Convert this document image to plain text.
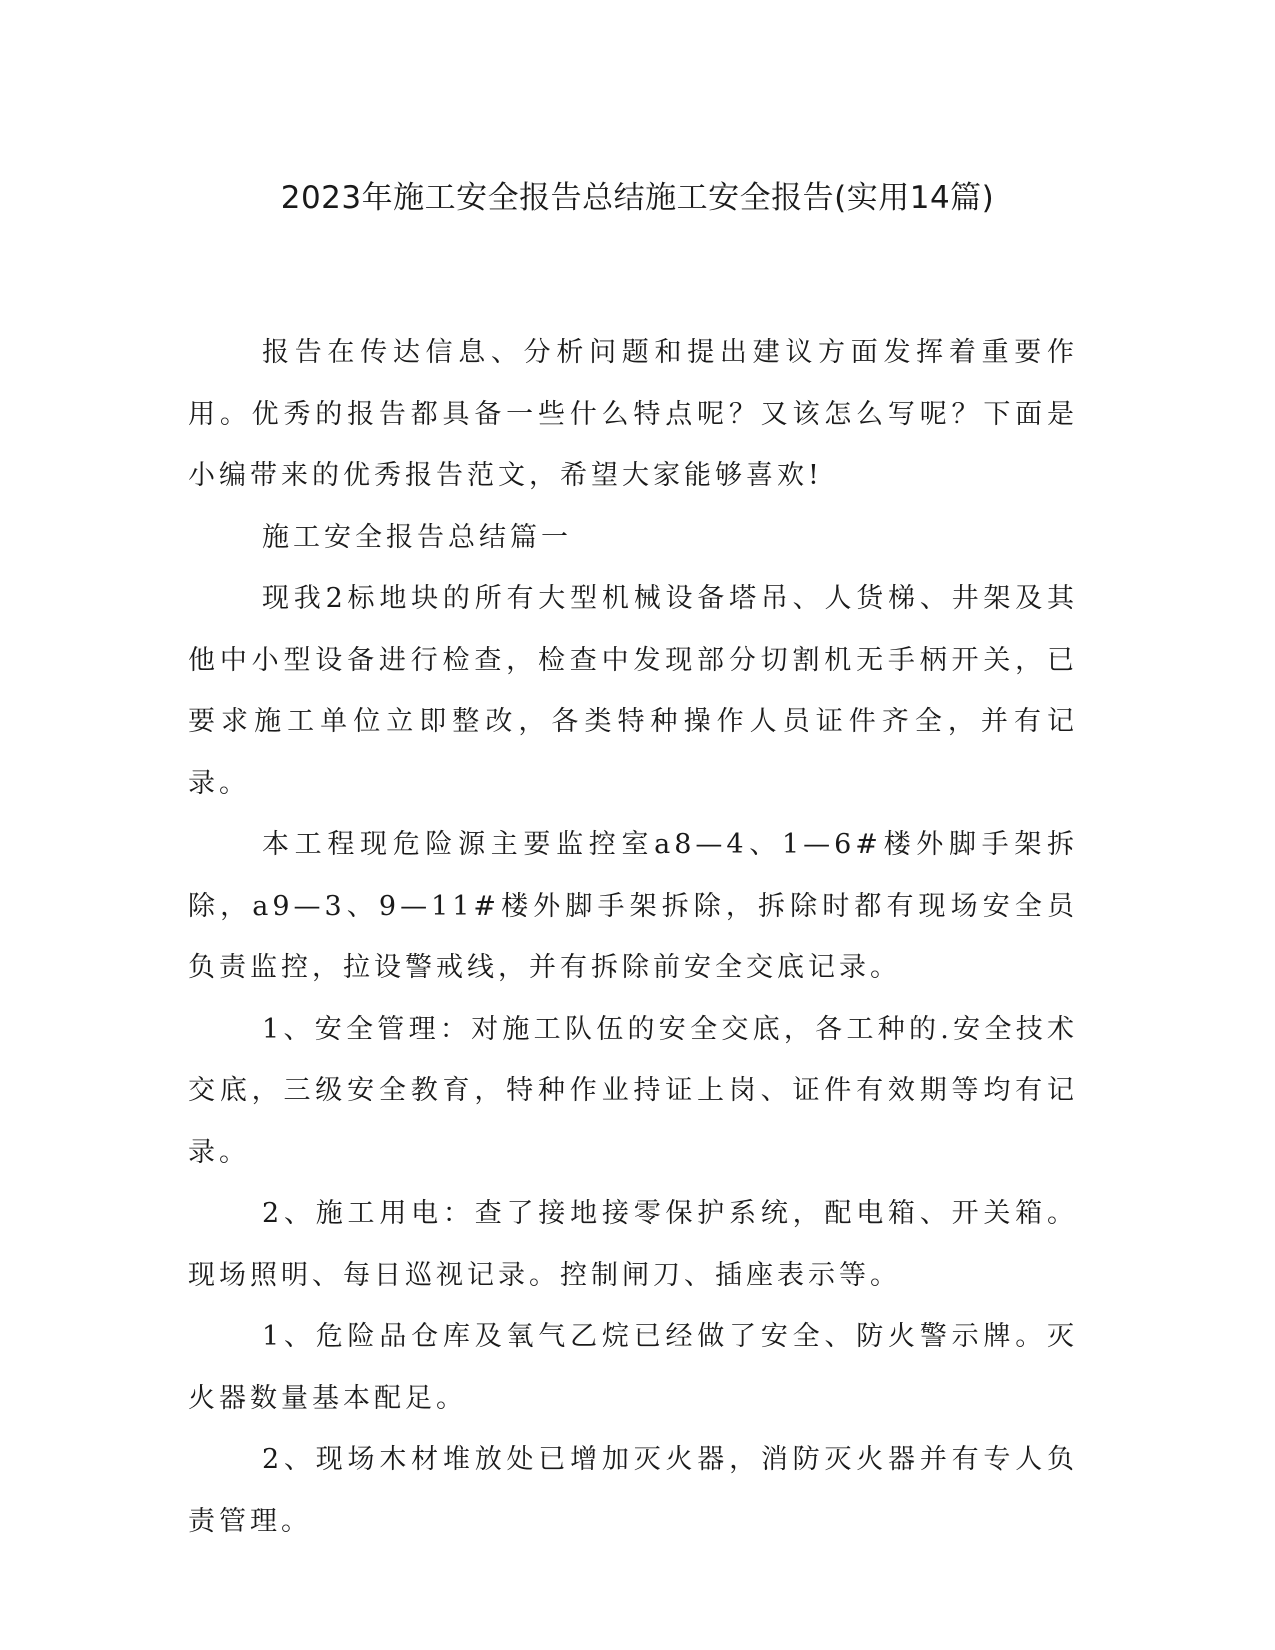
2023年施工安全报告总结施工安全报告(实用14篇)

报告在传达信息、分析问题和提出建议方面发挥着重要作用。优秀的报告都具备一些什么特点呢？又该怎么写呢？下面是小编带来的优秀报告范文，希望大家能够喜欢!

施工安全报告总结篇一

现我2标地块的所有大型机械设备塔吊、人货梯、井架及其他中小型设备进行检查，检查中发现部分切割机无手柄开关，已要求施工单位立即整改，各类特种操作人员证件齐全，并有记录。

本工程现危险源主要监控室a8—4、1—6#楼外脚手架拆除，a9—3、9—11#楼外脚手架拆除，拆除时都有现场安全员负责监控，拉设警戒线，并有拆除前安全交底记录。

1、安全管理：对施工队伍的安全交底，各工种的.安全技术交底，三级安全教育，特种作业持证上岗、证件有效期等均有记录。

2、施工用电：查了接地接零保护系统，配电箱、开关箱。现场照明、每日巡视记录。控制闸刀、插座表示等。

1、危险品仓库及氧气乙烷已经做了安全、防火警示牌。灭火器数量基本配足。

2、现场木材堆放处已增加灭火器，消防灭火器并有专人负责管理。
